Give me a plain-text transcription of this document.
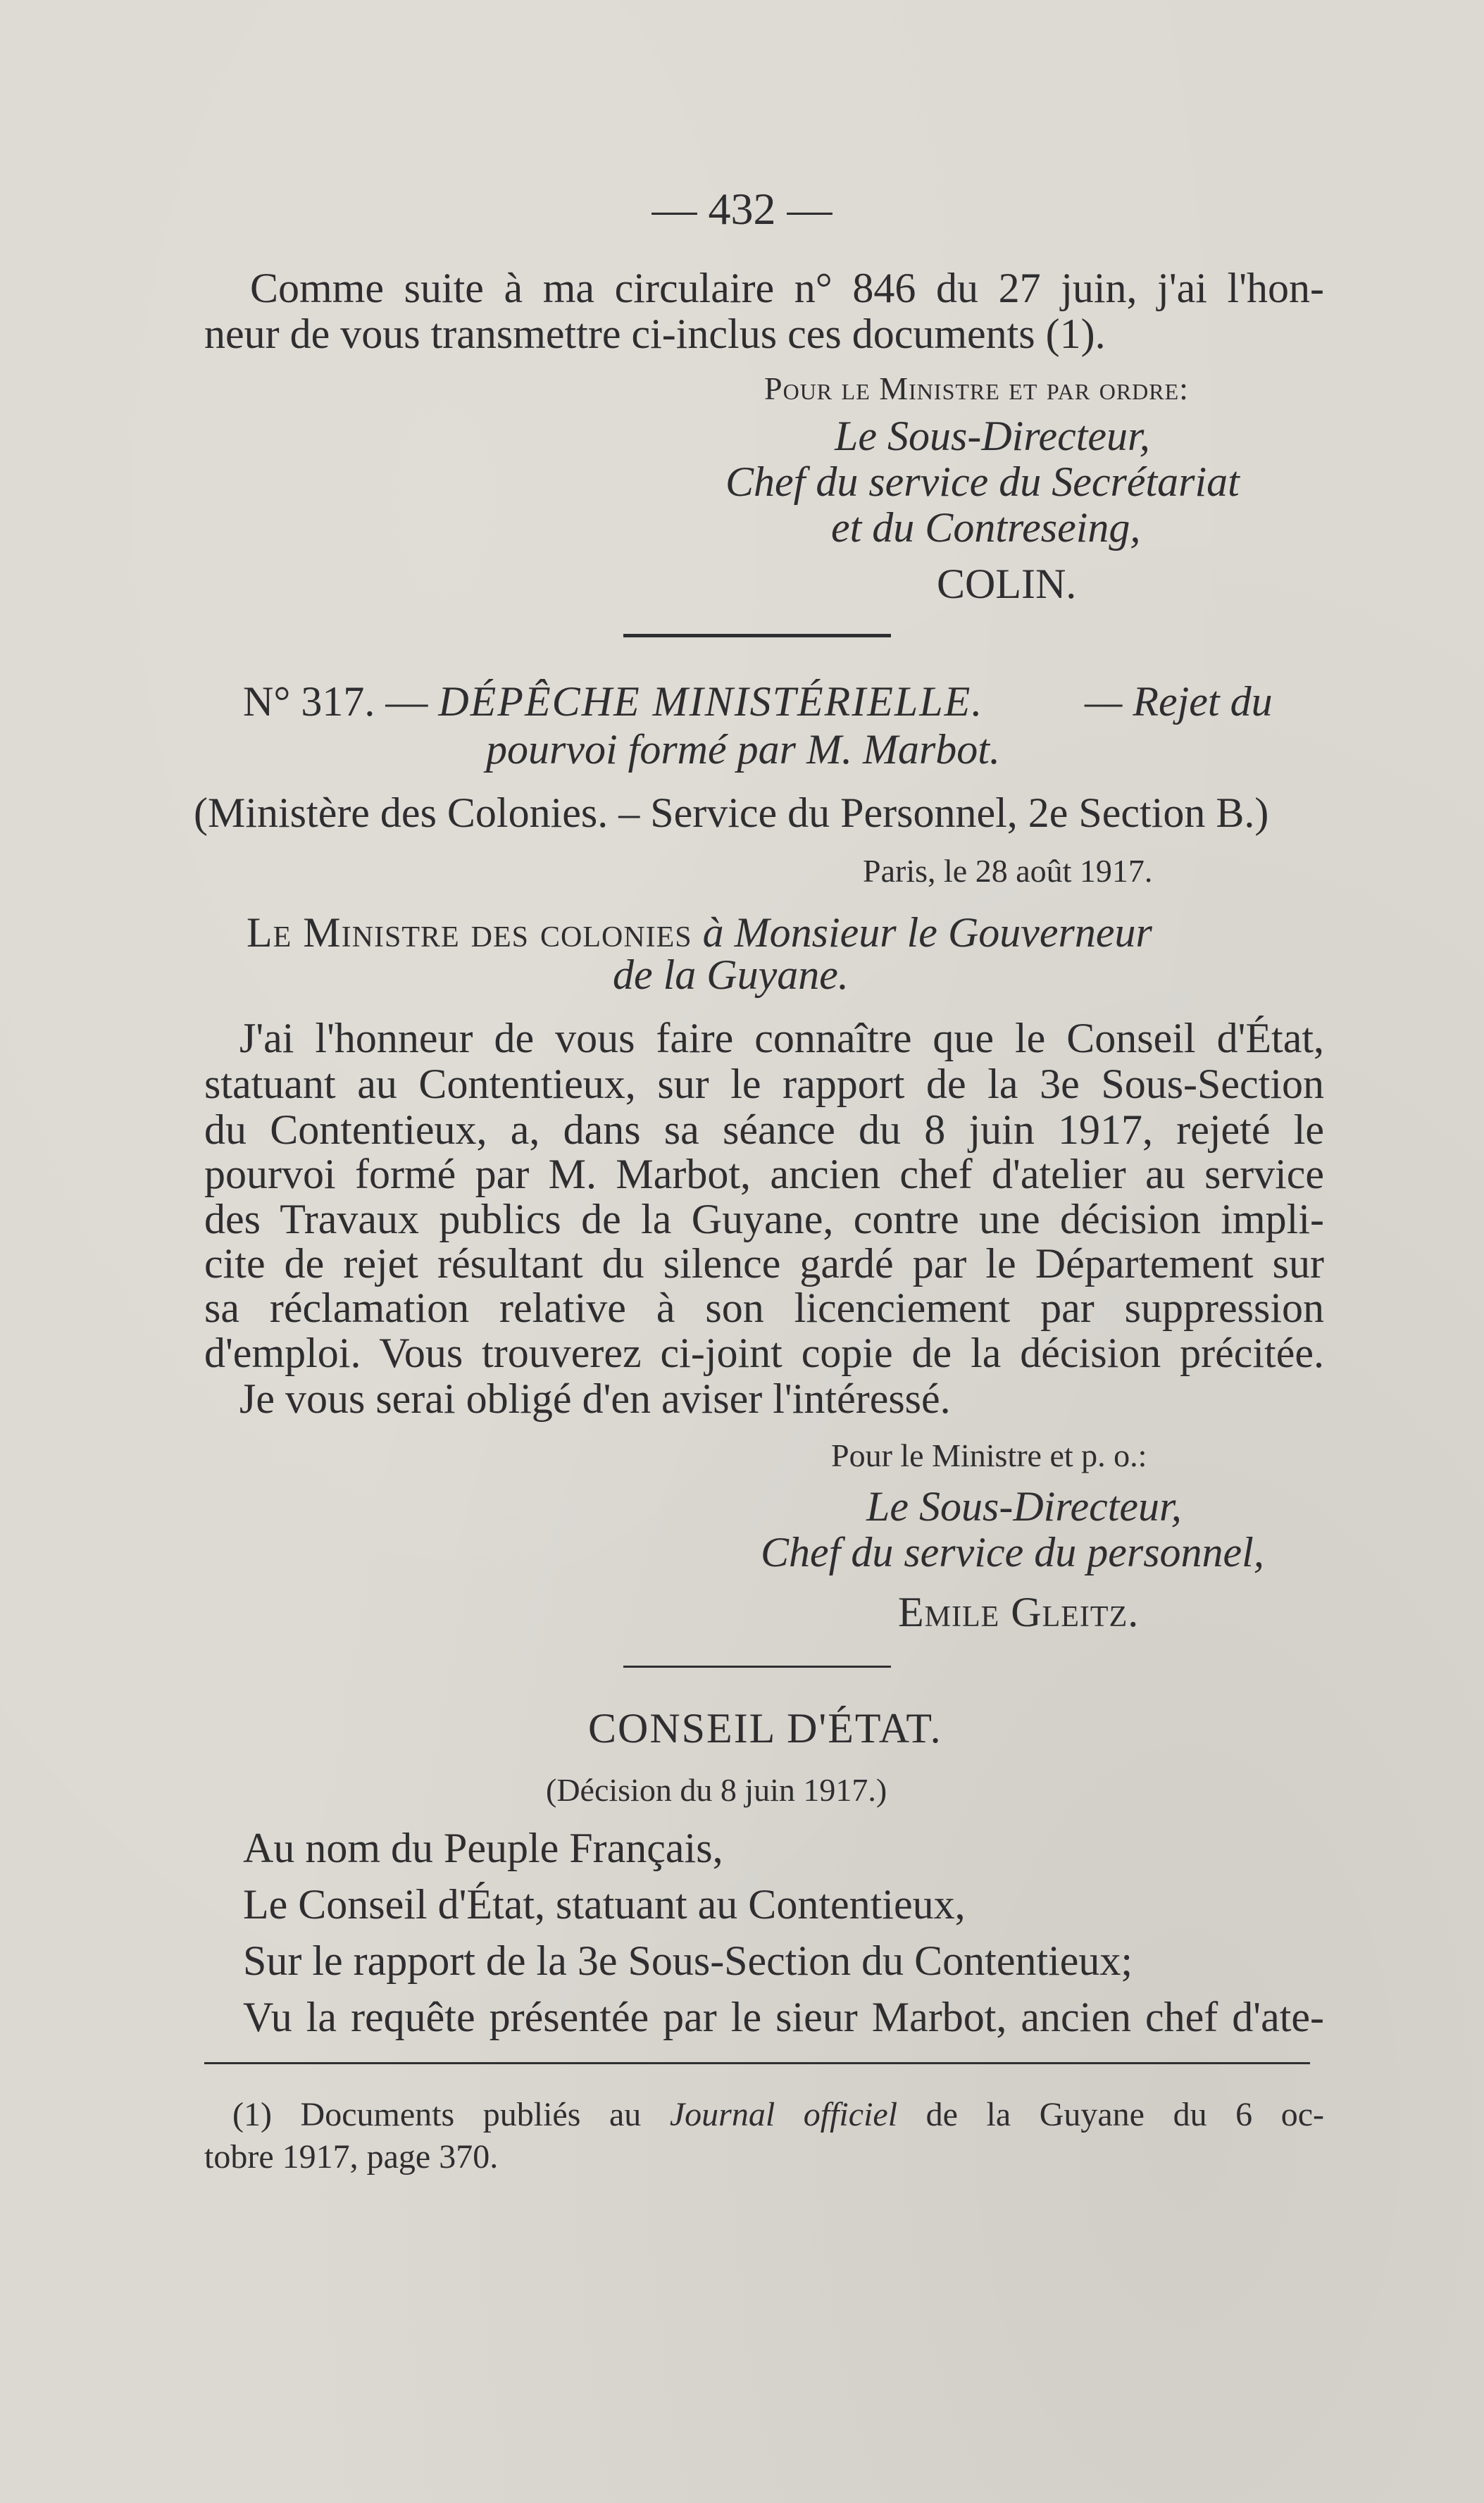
— 432 —
Comme suite à ma circulaire n° 846 du 27 juin, j'ai l'hon-
neur de vous transmettre ci-inclus ces documents (1).
Pour le Ministre et par ordre:
Le Sous-Directeur,
Chef du service du Secrétariat
et du Contreseing,
COLIN.
N° 317. — DÉPÊCHE MINISTÉRIELLE. — Rejet du
pourvoi formé par M. Marbot.
(Ministère des Colonies. – Service du Personnel, 2e Section B.)
Paris, le 28 août 1917.
Le Ministre des colonies à Monsieur le Gouverneur
de la Guyane.
J'ai l'honneur de vous faire connaître que le Conseil d'État,
statuant au Contentieux, sur le rapport de la 3e Sous-Section
du Contentieux, a, dans sa séance du 8 juin 1917, rejeté le
pourvoi formé par M. Marbot, ancien chef d'atelier au service
des Travaux publics de la Guyane, contre une décision impli-
cite de rejet résultant du silence gardé par le Département sur
sa réclamation relative à son licenciement par suppression
d'emploi. Vous trouverez ci-joint copie de la décision précitée.
Je vous serai obligé d'en aviser l'intéressé.
Pour le Ministre et p. o.:
Le Sous-Directeur,
Chef du service du personnel,
Emile Gleitz.
CONSEIL D'ÉTAT.
(Décision du 8 juin 1917.)
Au nom du Peuple Français,
Le Conseil d'État, statuant au Contentieux,
Sur le rapport de la 3e Sous-Section du Contentieux;
Vu la requête présentée par le sieur Marbot, ancien chef d'ate-
(1) Documents publiés au Journal officiel de la Guyane du 6 oc-
tobre 1917, page 370.
